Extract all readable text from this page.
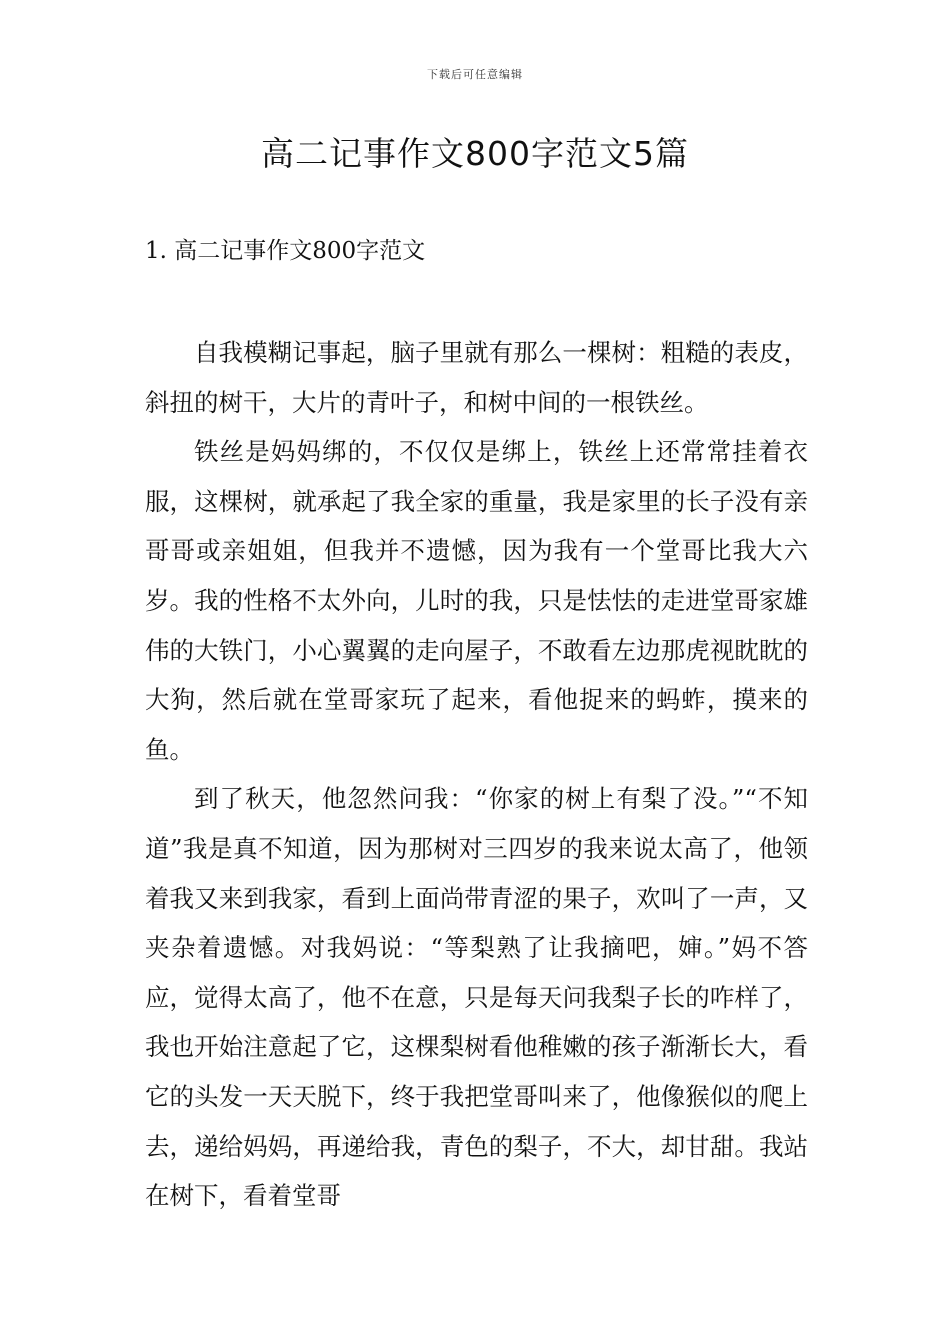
下载后可任意编辑
高二记事作文800字范文5篇
1. 高二记事作文800字范文

自我模糊记事起，脑子里就有那么一棵树：粗糙的表皮，斜扭的树干，大片的青叶子，和树中间的一根铁丝。

铁丝是妈妈绑的，不仅仅是绑上，铁丝上还常常挂着衣服，这棵树，就承起了我全家的重量，我是家里的长子没有亲哥哥或亲姐姐，但我并不遗憾，因为我有一个堂哥比我大六岁。我的性格不太外向，儿时的我，只是怯怯的走进堂哥家雄伟的大铁门，小心翼翼的走向屋子，不敢看左边那虎视眈眈的大狗，然后就在堂哥家玩了起来，看他捉来的蚂蚱，摸来的鱼。

到了秋天，他忽然问我：“你家的树上有梨了没。”“不知道”我是真不知道，因为那树对三四岁的我来说太高了，他领着我又来到我家，看到上面尚带青涩的果子，欢叫了一声，又夹杂着遗憾。对我妈说：“等梨熟了让我摘吧，婶。”妈不答应，觉得太高了，他不在意，只是每天问我梨子长的咋样了，我也开始注意起了它，这棵梨树看他稚嫩的孩子渐渐长大，看它的头发一天天脱下，终于我把堂哥叫来了，他像猴似的爬上去，递给妈妈，再递给我，青色的梨子，不大，却甘甜。我站在树下，看着堂哥
